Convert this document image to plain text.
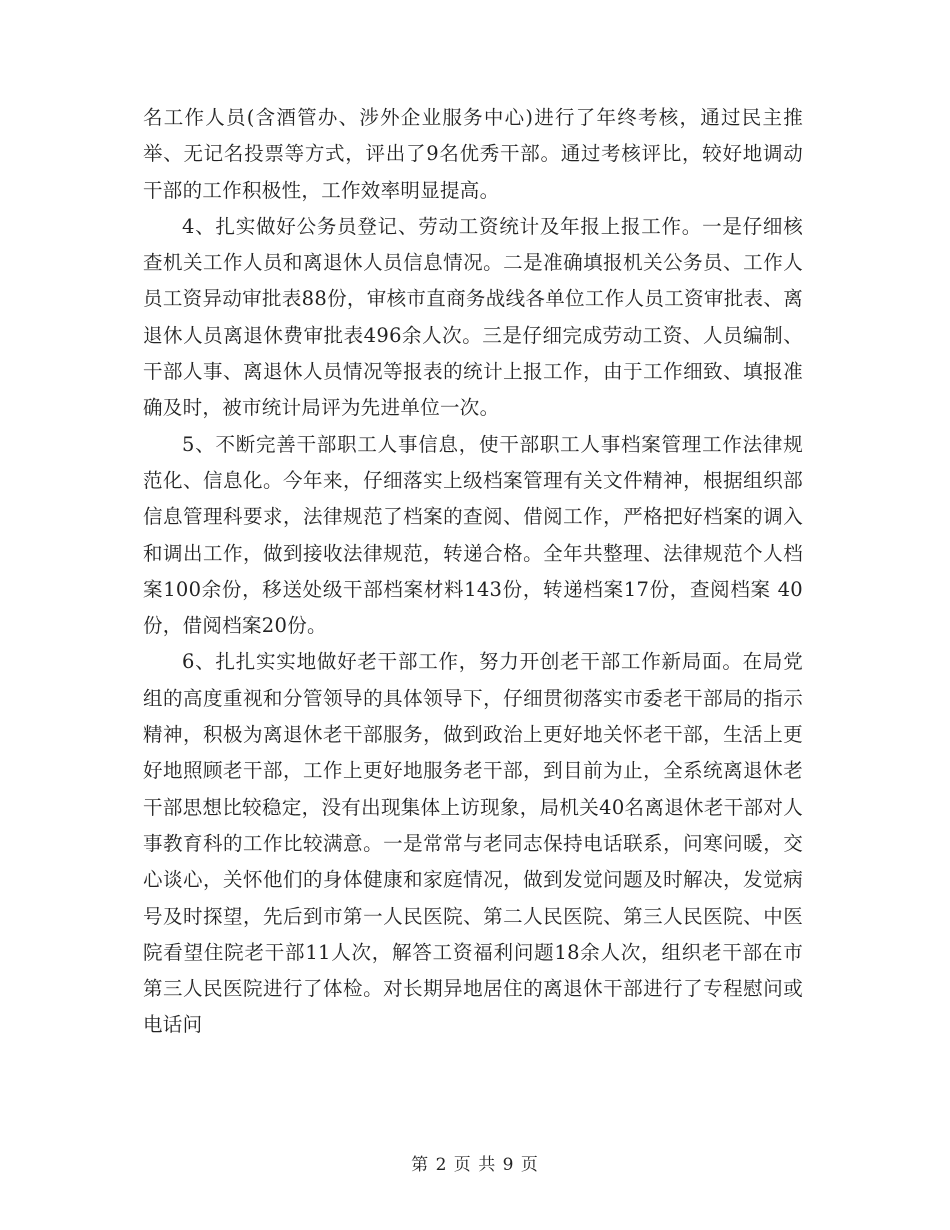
名工作人员(含酒管办、涉外企业服务中心)进行了年终考核，通过民主推举、无记名投票等方式，评出了9名优秀干部。通过考核评比，较好地调动干部的工作积极性，工作效率明显提高。

4、扎实做好公务员登记、劳动工资统计及年报上报工作。一是仔细核查机关工作人员和离退休人员信息情况。二是准确填报机关公务员、工作人员工资异动审批表88份，审核市直商务战线各单位工作人员工资审批表、离退休人员离退休费审批表496余人次。三是仔细完成劳动工资、人员编制、干部人事、离退休人员情况等报表的统计上报工作，由于工作细致、填报准确及时，被市统计局评为先进单位一次。

5、不断完善干部职工人事信息，使干部职工人事档案管理工作法律规范化、信息化。今年来，仔细落实上级档案管理有关文件精神，根据组织部信息管理科要求，法律规范了档案的查阅、借阅工作，严格把好档案的调入和调出工作，做到接收法律规范，转递合格。全年共整理、法律规范个人档案100余份，移送处级干部档案材料143份，转递档案17份，查阅档案 40份，借阅档案20份。

6、扎扎实实地做好老干部工作，努力开创老干部工作新局面。在局党组的高度重视和分管领导的具体领导下，仔细贯彻落实市委老干部局的指示精神，积极为离退休老干部服务，做到政治上更好地关怀老干部，生活上更好地照顾老干部，工作上更好地服务老干部，到目前为止，全系统离退休老干部思想比较稳定，没有出现集体上访现象，局机关40名离退休老干部对人事教育科的工作比较满意。一是常常与老同志保持电话联系，问寒问暖，交心谈心，关怀他们的身体健康和家庭情况，做到发觉问题及时解决，发觉病号及时探望，先后到市第一人民医院、第二人民医院、第三人民医院、中医院看望住院老干部11人次，解答工资福利问题18余人次，组织老干部在市第三人民医院进行了体检。对长期异地居住的离退休干部进行了专程慰问或电话问

第 2 页 共 9 页
